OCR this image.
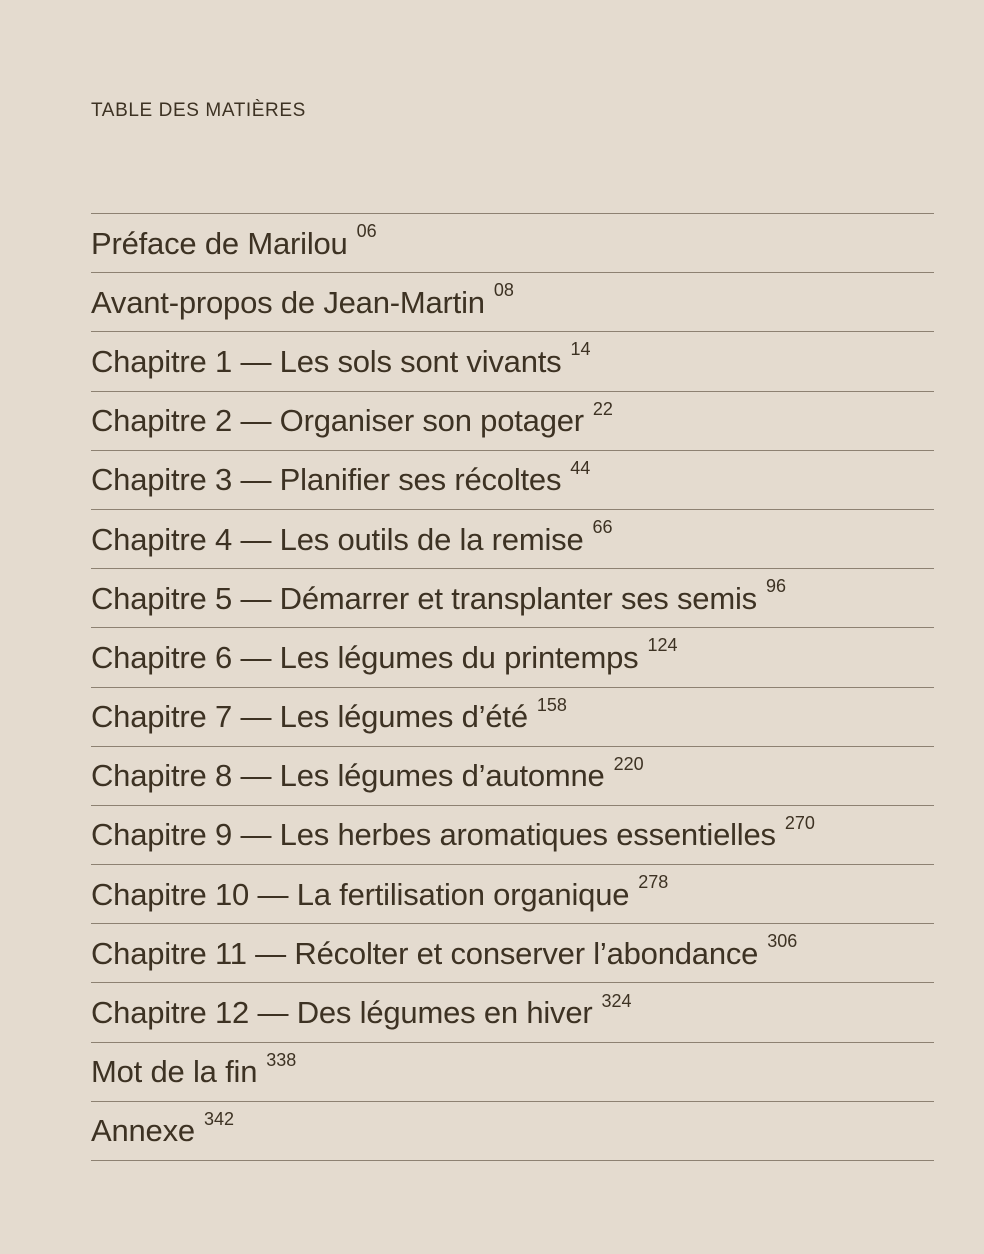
TABLE DES MATIÈRES
Préface de Marilou 06
Avant-propos de Jean-Martin 08
Chapitre 1 — Les sols sont vivants 14
Chapitre 2 — Organiser son potager 22
Chapitre 3 — Planifier ses récoltes 44
Chapitre 4 — Les outils de la remise 66
Chapitre 5 — Démarrer et transplanter ses semis 96
Chapitre 6 — Les légumes du printemps 124
Chapitre 7 — Les légumes d’été 158
Chapitre 8 — Les légumes d’automne 220
Chapitre 9 — Les herbes aromatiques essentielles 270
Chapitre 10 — La fertilisation organique 278
Chapitre 11 — Récolter et conserver l’abondance 306
Chapitre 12 — Des légumes en hiver 324
Mot de la fin 338
Annexe 342
